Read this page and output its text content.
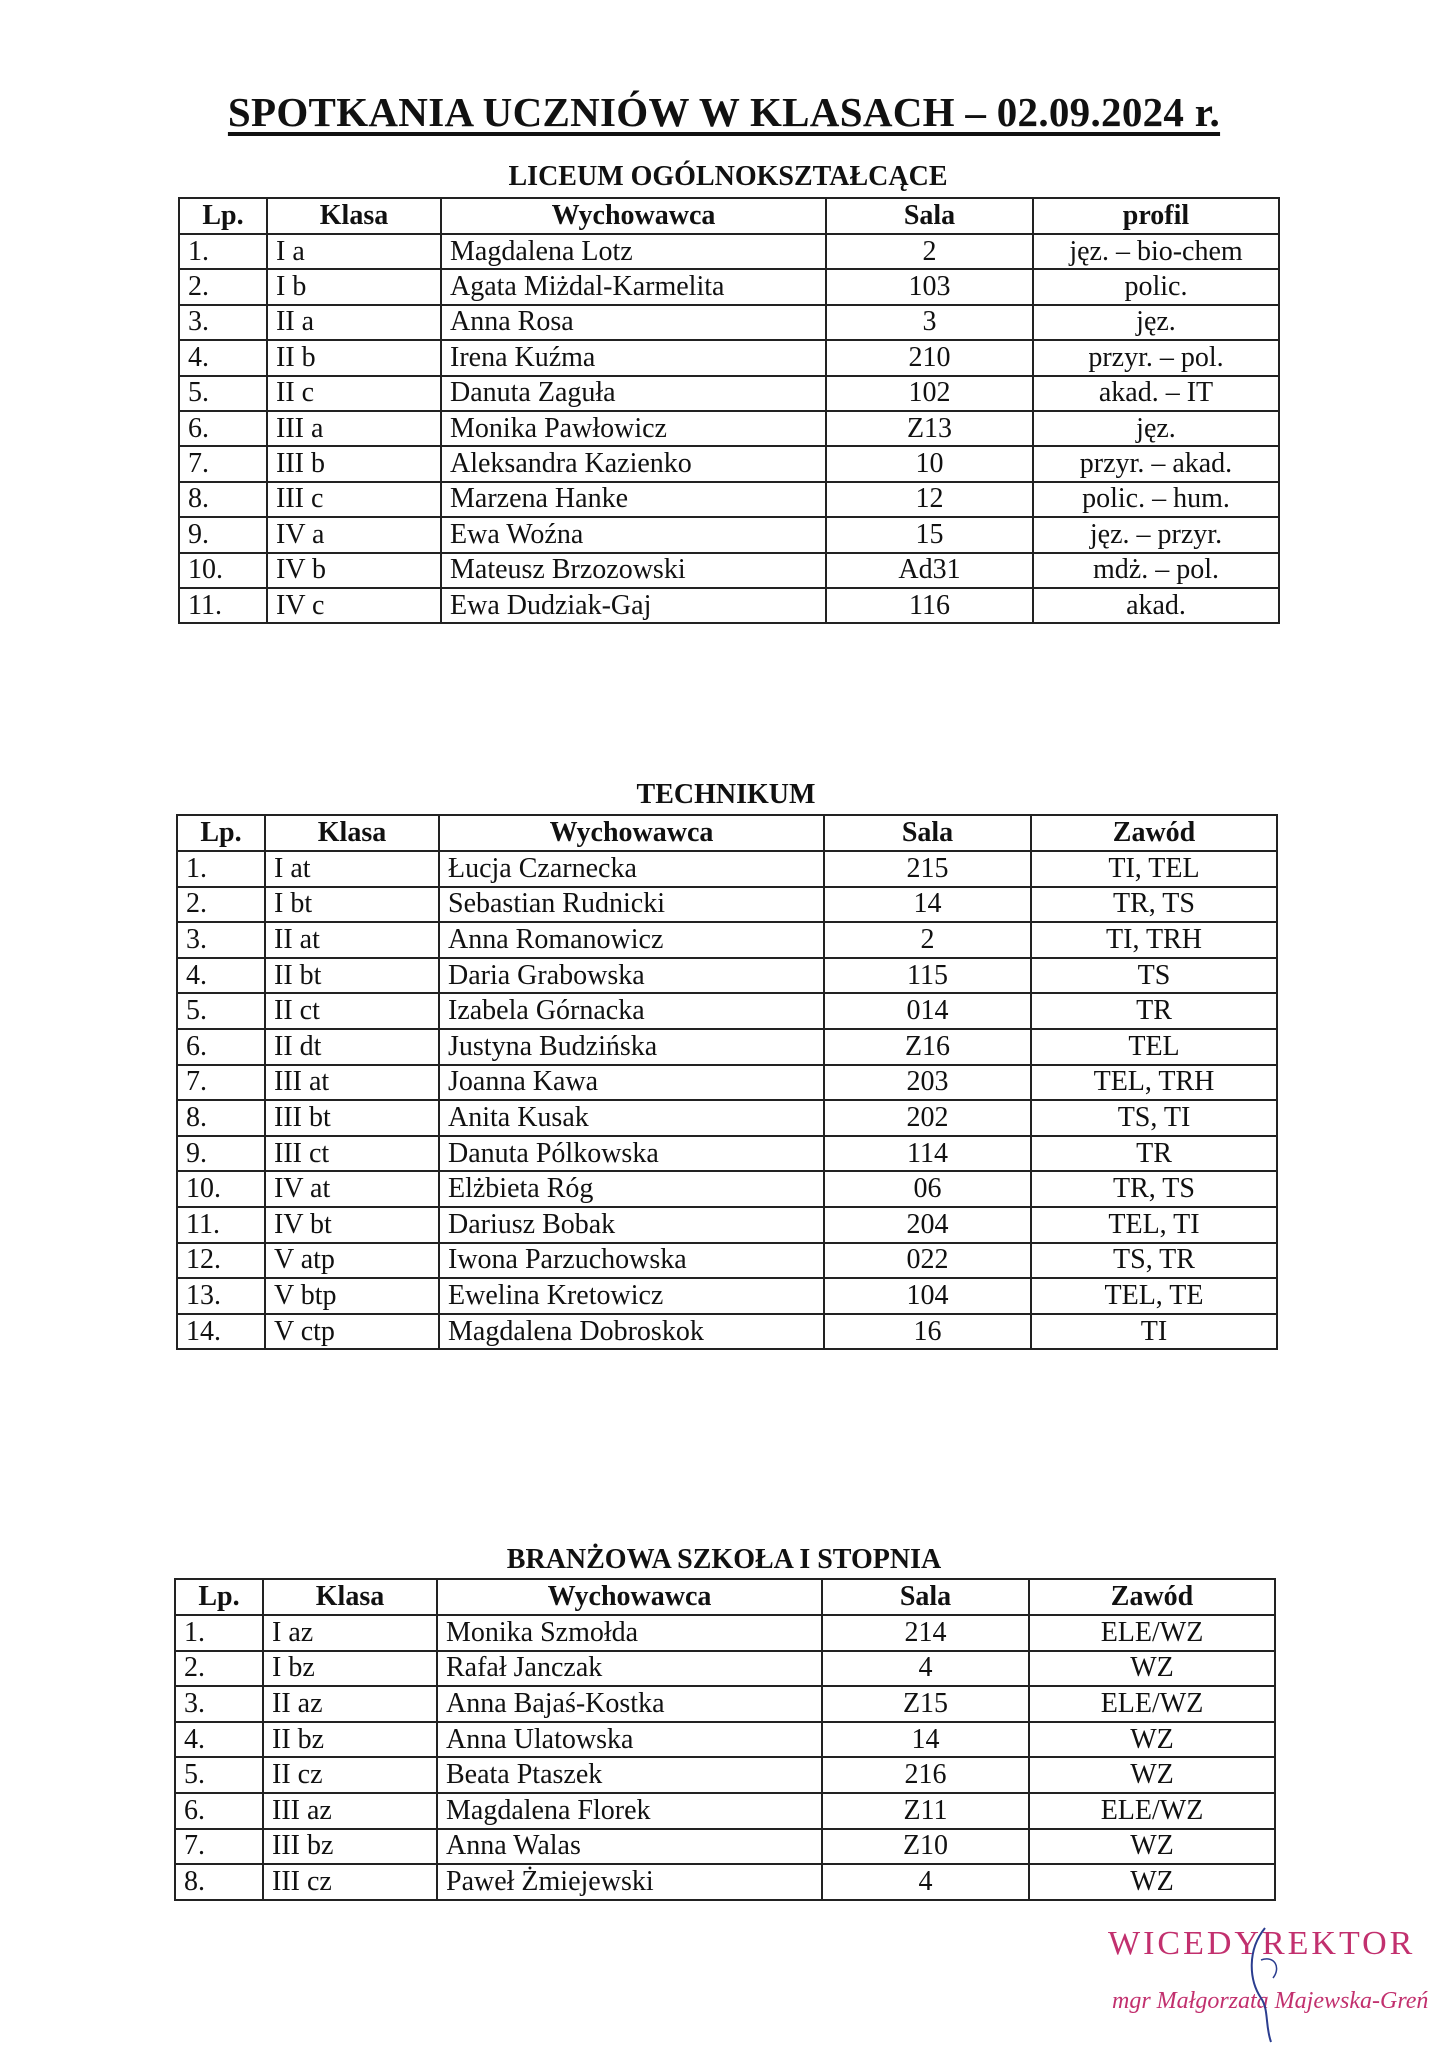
SPOTKANIA UCZNIÓW W KLASACH – 02.09.2024 r.
LICEUM OGÓLNOKSZTAŁCĄCE
Lp.	Klasa	Wychowawca	Sala	profil
1.	I a	Magdalena Lotz	2	jęz. – bio-chem
2.	I b	Agata Miżdal-Karmelita	103	polic.
3.	II a	Anna Rosa	3	jęz.
4.	II b	Irena Kuźma	210	przyr. – pol.
5.	II c	Danuta Zaguła	102	akad. – IT
6.	III a	Monika Pawłowicz	Z13	jęz.
7.	III b	Aleksandra Kazienko	10	przyr. – akad.
8.	III c	Marzena Hanke	12	polic. – hum.
9.	IV a	Ewa Woźna	15	jęz. – przyr.
10.	IV b	Mateusz Brzozowski	Ad31	mdż. – pol.
11.	IV c	Ewa Dudziak-Gaj	116	akad.
TECHNIKUM
Lp.	Klasa	Wychowawca	Sala	Zawód
1.	I at	Łucja Czarnecka	215	TI, TEL
2.	I bt	Sebastian Rudnicki	14	TR, TS
3.	II at	Anna Romanowicz	2	TI, TRH
4.	II bt	Daria Grabowska	115	TS
5.	II ct	Izabela Górnacka	014	TR
6.	II dt	Justyna Budzińska	Z16	TEL
7.	III at	Joanna Kawa	203	TEL, TRH
8.	III bt	Anita Kusak	202	TS, TI
9.	III ct	Danuta Pólkowska	114	TR
10.	IV at	Elżbieta Róg	06	TR, TS
11.	IV bt	Dariusz Bobak	204	TEL, TI
12.	V atp	Iwona Parzuchowska	022	TS, TR
13.	V btp	Ewelina Kretowicz	104	TEL, TE
14.	V ctp	Magdalena Dobroskok	16	TI
BRANŻOWA SZKOŁA I STOPNIA
Lp.	Klasa	Wychowawca	Sala	Zawód
1.	I az	Monika Szmołda	214	ELE/WZ
2.	I bz	Rafał Janczak	4	WZ
3.	II az	Anna Bajaś-Kostka	Z15	ELE/WZ
4.	II bz	Anna Ulatowska	14	WZ
5.	II cz	Beata Ptaszek	216	WZ
6.	III az	Magdalena Florek	Z11	ELE/WZ
7.	III bz	Anna Walas	Z10	WZ
8.	III cz	Paweł Żmiejewski	4	WZ
WICEDYREKTOR
mgr Małgorzata Majewska-Greń
